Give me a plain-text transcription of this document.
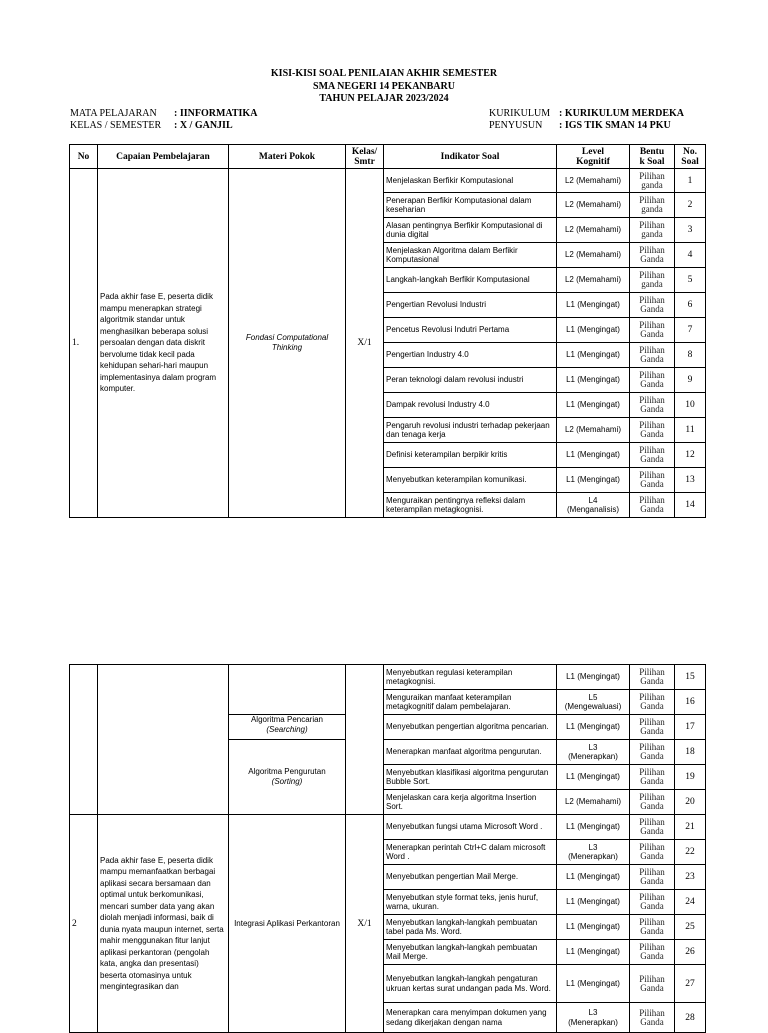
KISI-KISI SOAL PENILAIAN AKHIR SEMESTER
SMA NEGERI 14 PEKANBARU
TAHUN PELAJAR 2023/2024
MATA PELAJARAN : IINFORMATIKA
KELAS / SEMESTER : X / GANJIL
KURIKULUM : KURIKULUM MERDEKA
PENYUSUN : IGS TIK SMAN 14 PKU
No	Capaian Pembelajaran	Materi Pokok	Kelas/
Smtr	Indikator Soal	Level
Kognitif	Bentu
k Soal	No.
Soal
1.	Pada akhir fase E, peserta didik mampu menerapkan strategi algoritmik standar untuk menghasilkan beberapa solusi persoalan dengan data diskrit bervolume tidak kecil pada kehidupan sehari-hari maupun implementasinya dalam program komputer.	Fondasi Computational Thinking	X/1	Menjelaskan Berfikir Komputasional	L2 (Memahami)	Pilihan
ganda	1
				Penerapan Berfikir Komputasional dalam keseharian	L2 (Memahami)	Pilihan
ganda	2
				Alasan pentingnya Berfikir Komputasional di dunia digital	L2 (Memahami)	Pilihan
ganda	3
				Menjelaskan Algoritma dalam Berfikir Komputasional	L2 (Memahami)	Pilihan
Ganda	4
				Langkah-langkah Berfikir Komputasional	L2 (Memahami)	Pilihan
ganda	5
				Pengertian Revolusi Industri	L1 (Mengingat)	Pilihan
Ganda	6
				Pencetus Revolusi Indutri Pertama	L1 (Mengingat)	Pilihan
Ganda	7
				Pengertian Industry 4.0	L1 (Mengingat)	Pilihan
Ganda	8
				Peran teknologi dalam revolusi industri	L1 (Mengingat)	Pilihan
Ganda	9
				Dampak revolusi Industry 4.0	L1 (Mengingat)	Pilihan
Ganda	10
				Pengaruh revolusi industri terhadap pekerjaan dan tenaga kerja	L2 (Memahami)	Pilihan
Ganda	11
				Definisi keterampilan berpikir kritis	L1 (Mengingat)	Pilihan
Ganda	12
				Menyebutkan keterampilan komunikasi.	L1 (Mengingat)	Pilihan
Ganda	13
				Menguraikan pentingnya refleksi dalam keterampilan metagkognisi.	L4
(Menganalisis)	Pilihan
Ganda	14
				Menyebutkan regulasi keterampilan metagkognisi.	L1 (Mengingat)	Pilihan
Ganda	15
				Menguraikan manfaat keterampilan metagkognitif dalam pembelajaran.	L5
(Mengewaluasi)	Pilihan
Ganda	16
		Algoritma Pencarian
(Searching)		Menyebutkan pengertian algoritma pencarian.	L1 (Mengingat)	Pilihan
Ganda	17
		Algoritma Pengurutan
(Sorting)		Menerapkan manfaat algoritma pengurutan.	L3
(Menerapkan)	Pilihan
Ganda	18
				Menyebutkan klasifikasi algoritma pengurutan Bubble Sort.	L1 (Mengingat)	Pilihan
Ganda	19
				Menjelaskan cara kerja algoritma Insertion Sort.	L2 (Memahami)	Pilihan
Ganda	20
2	Pada akhir fase E, peserta didik mampu memanfaatkan berbagai aplikasi secara bersamaan dan optimal untuk berkomunikasi, mencari sumber data yang akan diolah menjadi informasi, baik di dunia nyata maupun internet, serta mahir menggunakan fitur lanjut aplikasi perkantoran (pengolah kata, angka dan presentasi) beserta otomasinya untuk mengintegrasikan dan	Integrasi Aplikasi Perkantoran	X/1	Menyebutkan fungsi utama Microsoft Word .	L1 (Mengingat)	Pilihan
Ganda	21
				Menerapkan perintah Ctrl+C dalam microsoft Word .	L3
(Menerapkan)	Pilihan
Ganda	22
				Menyebutkan pengertian Mail Merge.	L1 (Mengingat)	Pilihan
Ganda	23
				Menyebutkan style format teks, jenis huruf, warna, ukuran.	L1 (Mengingat)	Pilihan
Ganda	24
				Menyebutkan langkah-langkah pembuatan tabel pada Ms. Word.	L1 (Mengingat)	Pilihan
Ganda	25
				Menyebutkan langkah-langkah pembuatan Mail Merge.	L1 (Mengingat)	Pilihan
Ganda	26
				Menyebutkan langkah-langkah pengaturan ukruan kertas surat undangan pada Ms. Word.	L1 (Mengingat)	Pilihan
Ganda	27
				Menerapkan cara menyimpan dokumen yang sedang dikerjakan dengan nama	L3
(Menerapkan)	Pilihan
Ganda	28
